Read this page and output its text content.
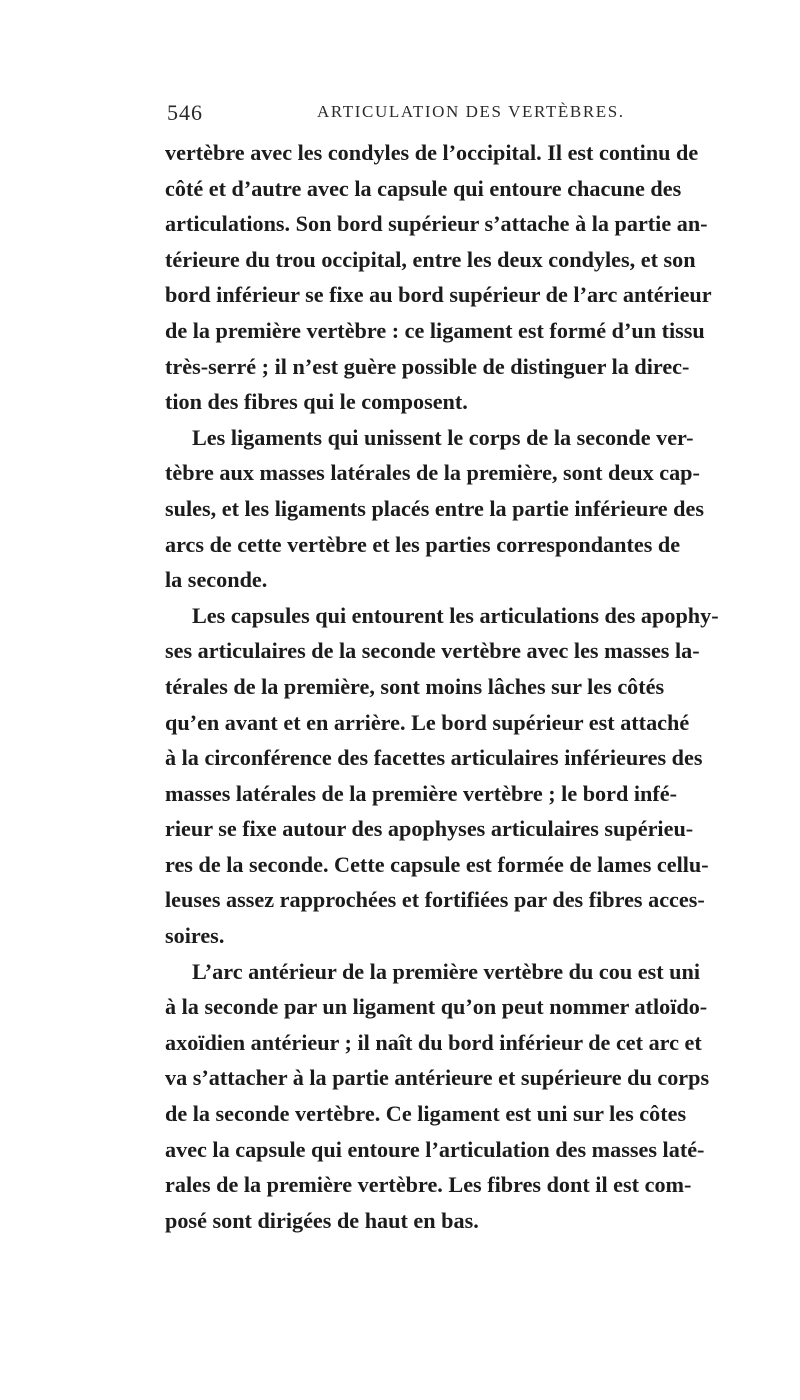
546	ARTICULATION DES VERTÈBRES.
vertèbre avec les condyles de l’occipital. Il est continu de
côté et d’autre avec la capsule qui entoure chacune des
articulations. Son bord supérieur s’attache à la partie an-
térieure du trou occipital, entre les deux condyles, et son
bord inférieur se fixe au bord supérieur de l’arc antérieur
de la première vertèbre : ce ligament est formé d’un tissu
très-serré ; il n’est guère possible de distinguer la direc-
tion des fibres qui le composent.
Les ligaments qui unissent le corps de la seconde ver-
tèbre aux masses latérales de la première, sont deux cap-
sules, et les ligaments placés entre la partie inférieure des
arcs de cette vertèbre et les parties correspondantes de
la seconde.
Les capsules qui entourent les articulations des apophy-
ses articulaires de la seconde vertèbre avec les masses la-
térales de la première, sont moins lâches sur les côtés
qu’en avant et en arrière. Le bord supérieur est attaché
à la circonférence des facettes articulaires inférieures des
masses latérales de la première vertèbre ; le bord infé-
rieur se fixe autour des apophyses articulaires supérieu-
res de la seconde. Cette capsule est formée de lames cellu-
leuses assez rapprochées et fortifiées par des fibres acces-
soires.
L’arc antérieur de la première vertèbre du cou est uni
à la seconde par un ligament qu’on peut nommer atloïdo-
axoïdien antérieur ; il naît du bord inférieur de cet arc et
va s’attacher à la partie antérieure et supérieure du corps
de la seconde vertèbre. Ce ligament est uni sur les côtes
avec la capsule qui entoure l’articulation des masses laté-
rales de la première vertèbre. Les fibres dont il est com-
posé sont dirigées de haut en bas.
